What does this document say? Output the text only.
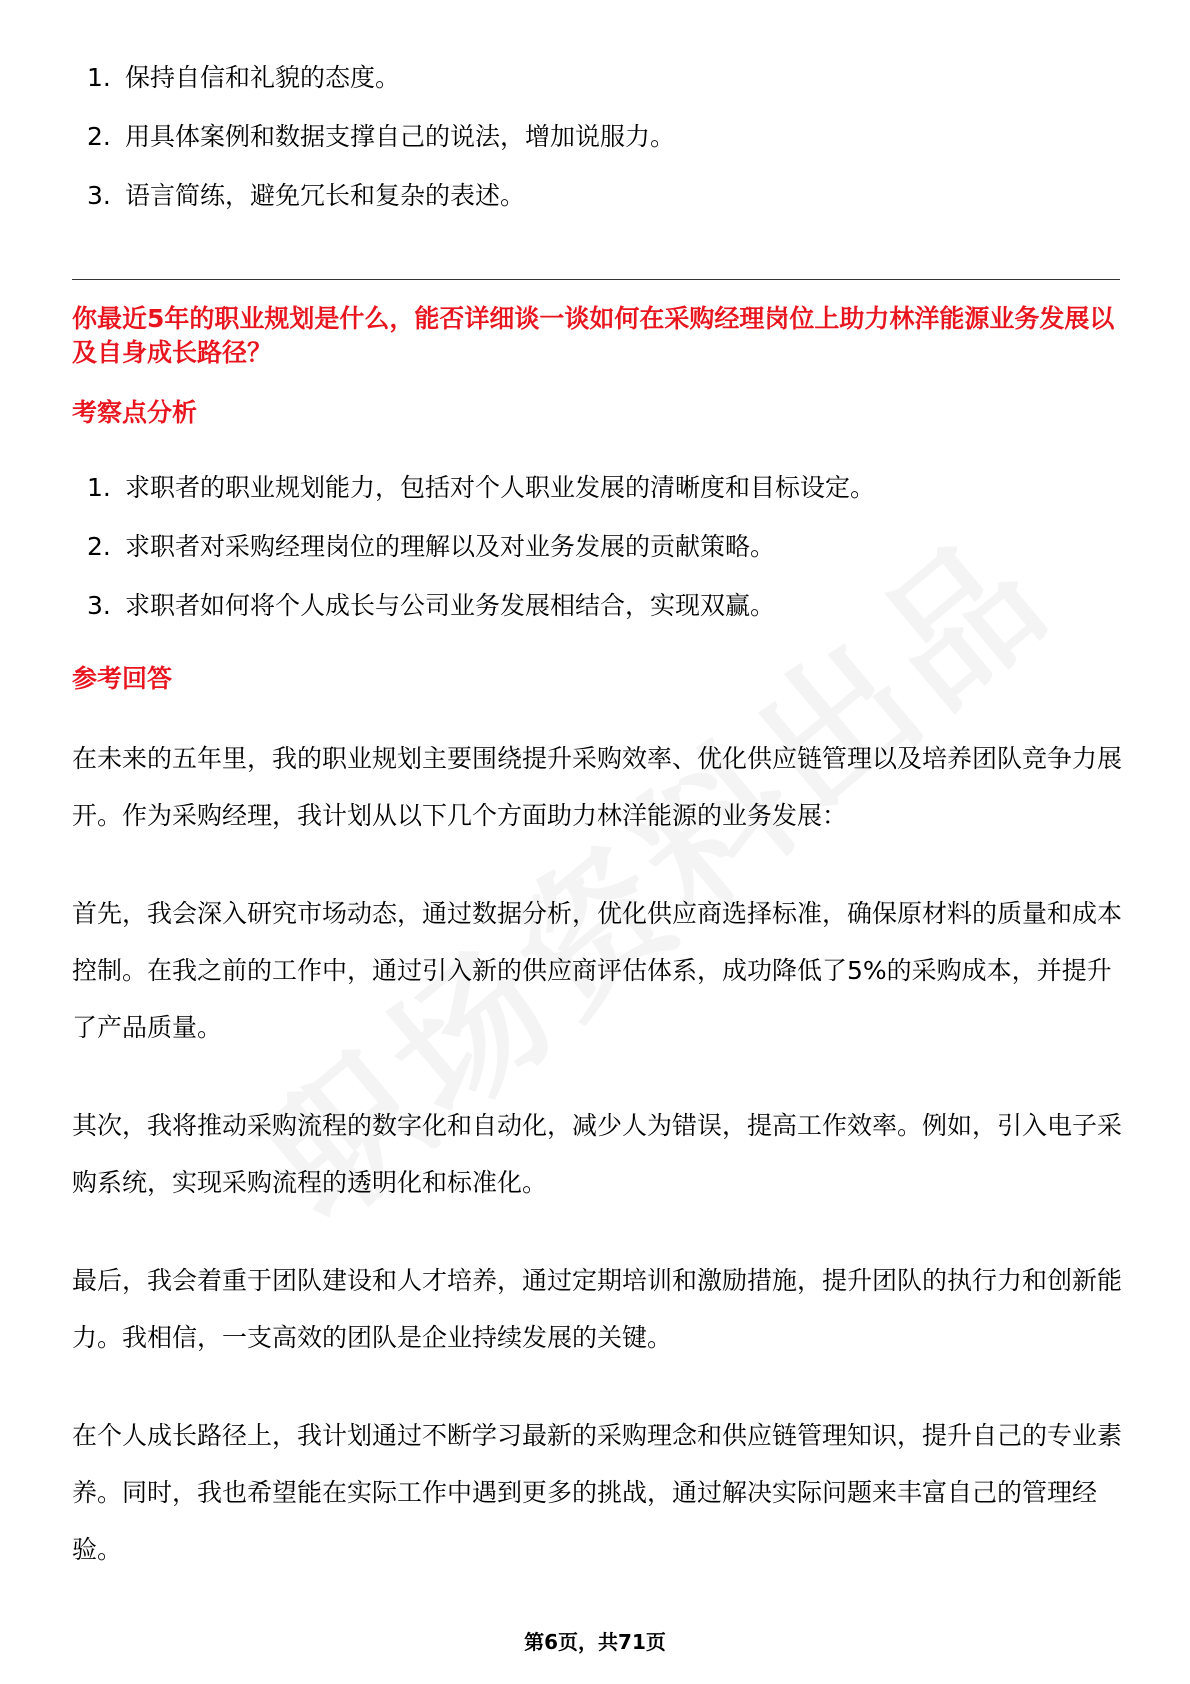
1. 保持自信和礼貌的态度。
2. 用具体案例和数据支撑自己的说法，增加说服力。
3. 语言简练，避免冗长和复杂的表述。
你最近5年的职业规划是什么，能否详细谈一谈如何在采购经理岗位上助力林洋能源业务发展以及自身成长路径？
考察点分析
1. 求职者的职业规划能力，包括对个人职业发展的清晰度和目标设定。
2. 求职者对采购经理岗位的理解以及对业务发展的贡献策略。
3. 求职者如何将个人成长与公司业务发展相结合，实现双赢。
参考回答

在未来的五年里，我的职业规划主要围绕提升采购效率、优化供应链管理以及培养团队竞争力展开。作为采购经理，我计划从以下几个方面助力林洋能源的业务发展：

首先，我会深入研究市场动态，通过数据分析，优化供应商选择标准，确保原材料的质量和成本控制。在我之前的工作中，通过引入新的供应商评估体系，成功降低了5%的采购成本，并提升了产品质量。

其次，我将推动采购流程的数字化和自动化，减少人为错误，提高工作效率。例如，引入电子采购系统，实现采购流程的透明化和标准化。

最后，我会着重于团队建设和人才培养，通过定期培训和激励措施，提升团队的执行力和创新能力。我相信，一支高效的团队是企业持续发展的关键。

在个人成长路径上，我计划通过不断学习最新的采购理念和供应链管理知识，提升自己的专业素养。同时，我也希望能在实际工作中遇到更多的挑战，通过解决实际问题来丰富自己的管理经验。

第6页，共71页
